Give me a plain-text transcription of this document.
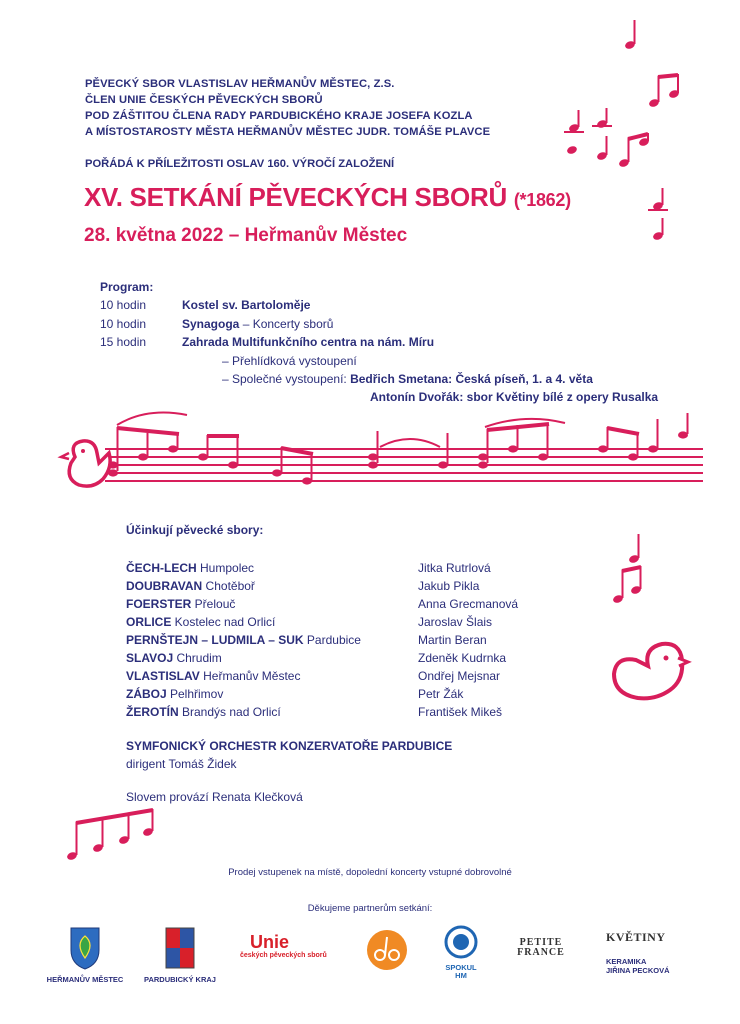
PĚVECKÝ SBOR VLASTISLAV HEŘMANŮV MĚSTEC, Z.S.
ČLEN UNIE ČESKÝCH PĚVECKÝCH SBORŮ
POD ZÁŠTITOU ČLENA RADY PARDUBICKÉHO KRAJE JOSEFA KOZLA
A MÍSTOSTAROSTY MĚSTA HEŘMANŮV MĚSTEC JUDR. TOMÁŠE PLAVCE
POŘÁDÁ K PŘÍLEŽITOSTI OSLAV 160. VÝROČÍ ZALOŽENÍ
XV. SETKÁNÍ PĚVECKÝCH SBORŮ (*1862)
28. května 2022 – Heřmanův Městec
Program:
10 hodin	Kostel sv. Bartoloměje
10 hodin	Synagoga – Koncerty sborů
15 hodin	Zahrada Multifunkčního centra na nám. Míru
– Přehlídková vystoupení
– Společné vystoupení: Bedřich Smetana: Česká píseň, 1. a 4. věta
Antonín Dvořák: sbor Květiny bílé z opery Rusalka
Účinkují pěvecké sbory:
ČECH-LECH Humpolec	Jitka Rutrlová
DOUBRAVAN Chotěboř	Jakub Pikla
FOERSTER Přelouč	Anna Grecmanová
ORLICE Kostelec nad Orlicí	Jaroslav Šlais
PERNŠTEJN – LUDMILA – SUK Pardubice	Martin Beran
SLAVOJ Chrudim	Zdeněk Kudrnka
VLASTISLAV Heřmanův Městec	Ondřej Mejsnar
ZÁBOJ Pelhřimov	Petr Žák
ŽEROTÍN Brandýs nad Orlicí	František Mikeš
SYMFONICKÝ ORCHESTR KONZERVATOŘE PARDUBICE
dirigent Tomáš Židek
Slovem provází Renata Klečková
Prodej vstupenek na místě, dopolední koncerty vstupné dobrovolné
Děkujeme partnerům setkání:
HEŘMANŮV MĚSTEC	PARDUBICKÝ KRAJ
Unie
českých pěveckých sborů
SPOKUL
HM
PETITE
FRANCE
KVĚTINY
KERAMIKA
JIŘINA PECKOVÁ
